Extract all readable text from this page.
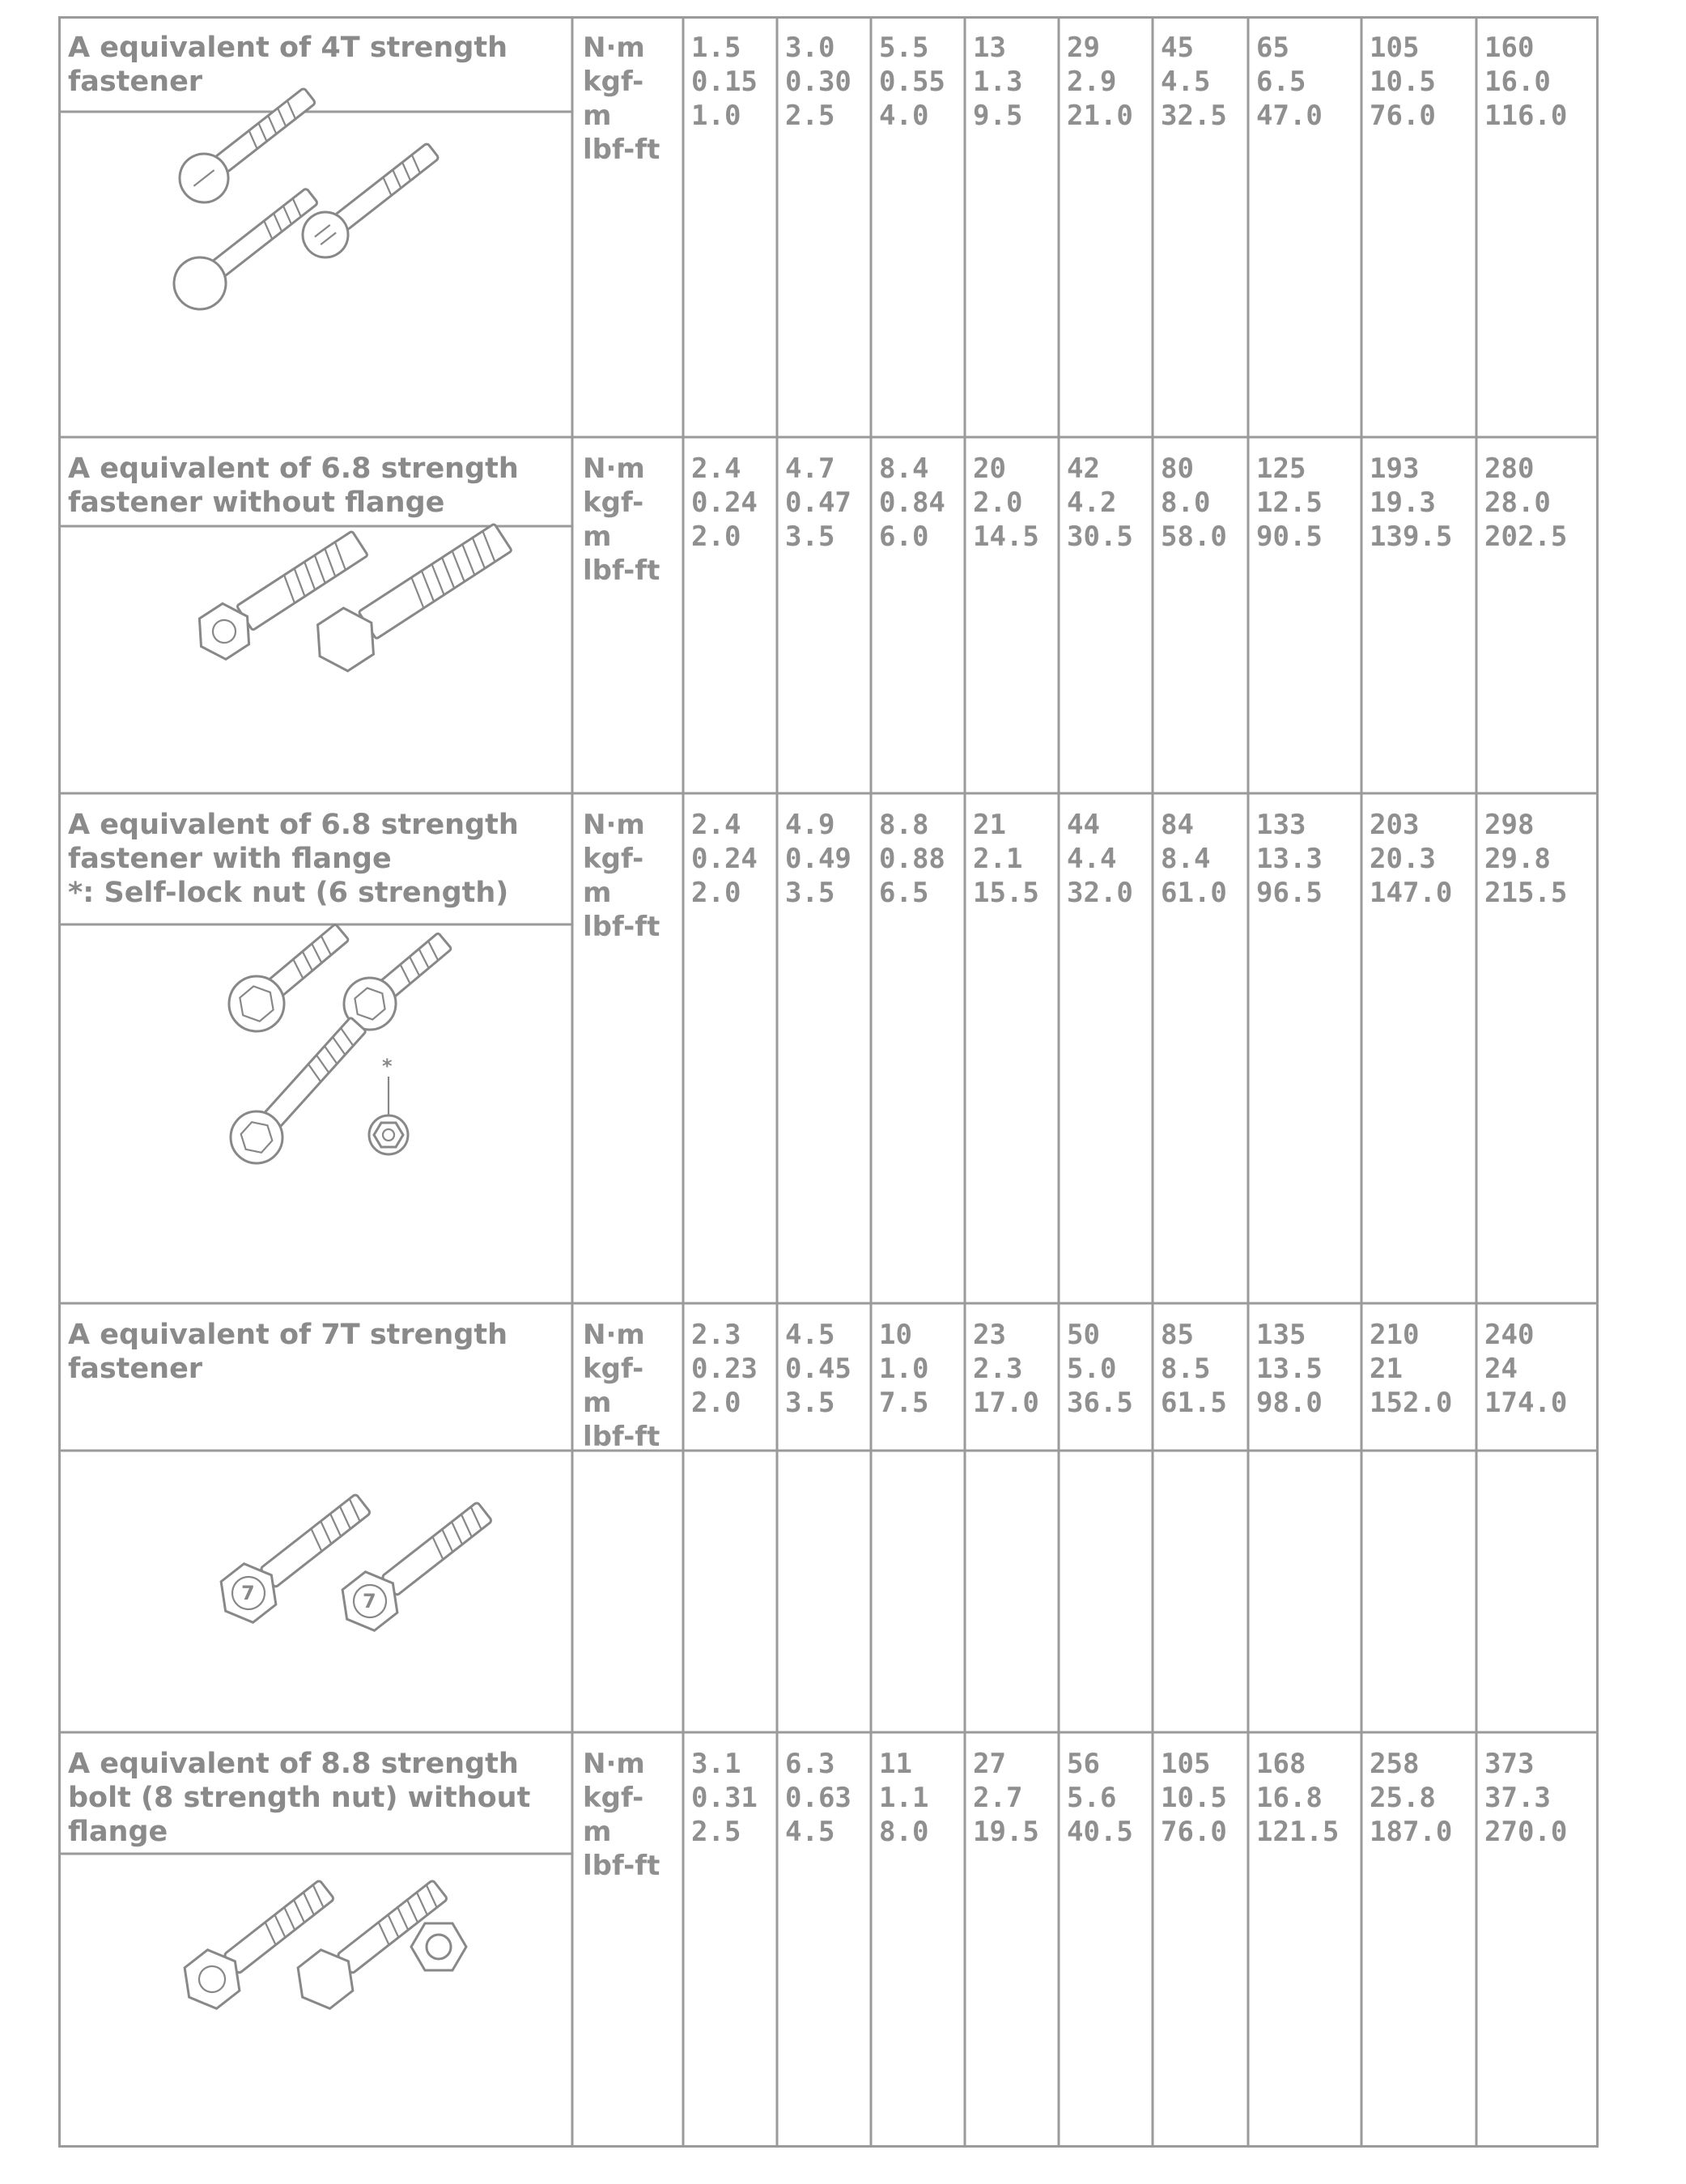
A equivalent of 4T strength
fastener
N·m
kgf-
m
lbf-ft
1.5
0.15
1.0
3.0
0.30
2.5
5.5
0.55
4.0
13
1.3
9.5
29
2.9
21.0
45
4.5
32.5
65
6.5
47.0
105
10.5
76.0
160
16.0
116.0
A equivalent of 6.8 strength
fastener without flange
N·m
kgf-
m
lbf-ft
2.4
0.24
2.0
4.7
0.47
3.5
8.4
0.84
6.0
20
2.0
14.5
42
4.2
30.5
80
8.0
58.0
125
12.5
90.5
193
19.3
139.5
280
28.0
202.5
A equivalent of 6.8 strength
fastener with flange
*: Self-lock nut (6 strength)
N·m
kgf-
m
lbf-ft
2.4
0.24
2.0
4.9
0.49
3.5
8.8
0.88
6.5
21
2.1
15.5
44
4.4
32.0
84
8.4
61.0
133
13.3
96.5
203
20.3
147.0
298
29.8
215.5
A equivalent of 7T strength
fastener
N·m
kgf-
m
lbf-ft
2.3
0.23
2.0
4.5
0.45
3.5
10
1.0
7.5
23
2.3
17.0
50
5.0
36.5
85
8.5
61.5
135
13.5
98.0
210
21
152.0
240
24
174.0
A equivalent of 8.8 strength
bolt (8 strength nut) without
flange
N·m
kgf-
m
lbf-ft
3.1
0.31
2.5
6.3
0.63
4.5
11
1.1
8.0
27
2.7
19.5
56
5.6
40.5
105
10.5
76.0
168
16.8
121.5
258
25.8
187.0
373
37.3
270.0
*
7	7
